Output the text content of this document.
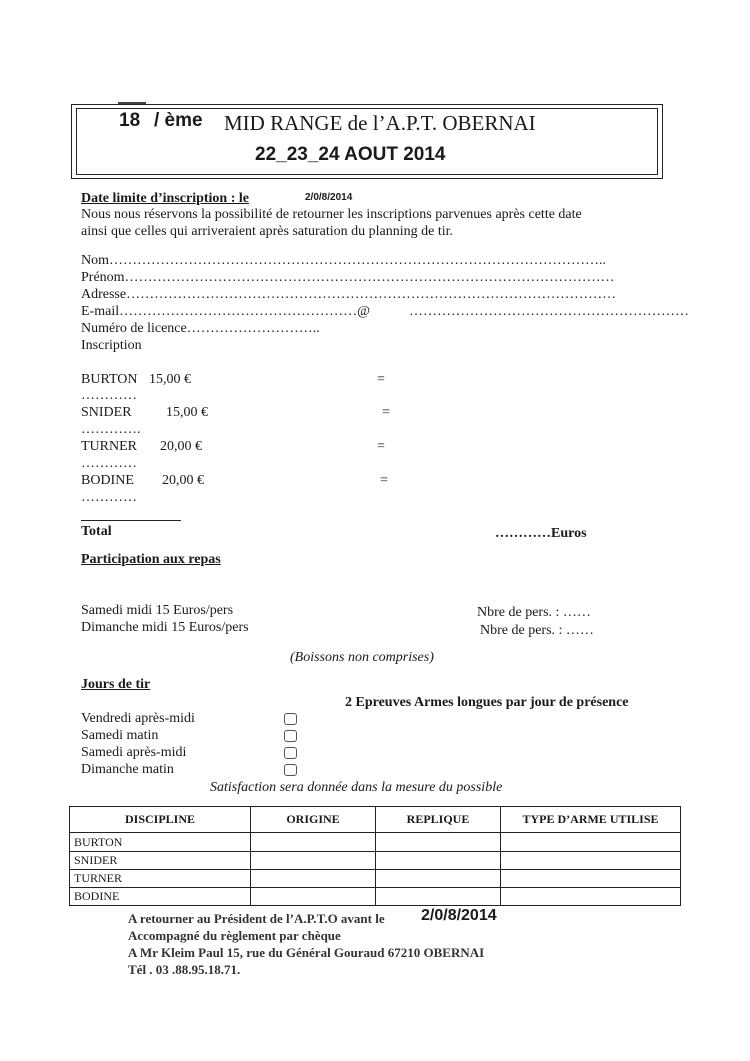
18 / ème MID RANGE de l’A.P.T. OBERNAI
22_23_24 AOUT 2014
Date limite d’inscription : le	2/0/8/2014
Nous nous réservons la possibilité de retourner les inscriptions parvenues après cette date
ainsi que celles qui arriveraient après saturation du planning de tir.
Nom……………………………………………………………………………………………..
Prénom……………………………………………………………………………………………
Adresse……………………………………………………………………………………………
E-mail……………………………………………@	……………………………………………………
Numéro de licence………………………..
Inscription
BURTON 15,00 €	=
…………
SNIDER 15,00 €	=
………….
TURNER 20,00 €	=
…………
BODINE 20,00 €	=
…………
Total	…………Euros
Participation aux repas
Samedi midi 15 Euros/pers
Dimanche midi 15 Euros/pers
Nbre de pers. : ……
Nbre de pers. : ……
(Boissons non comprises)
Jours de tir
2 Epreuves Armes longues par jour de présence
Vendredi après-midi
Samedi matin
Samedi après-midi
Dimanche matin
Satisfaction sera donnée dans la mesure du possible
DISCIPLINE	ORIGINE	REPLIQUE	TYPE D’ARME UTILISE
BURTON			
SNIDER			
TURNER			
BODINE			
A retourner au Président de l’A.P.T.O avant le 2/0/8/2014
Accompagné du règlement par chèque
A Mr Kleim Paul 15, rue du Général Gouraud 67210 OBERNAI
Tél . 03 .88.95.18.71.
